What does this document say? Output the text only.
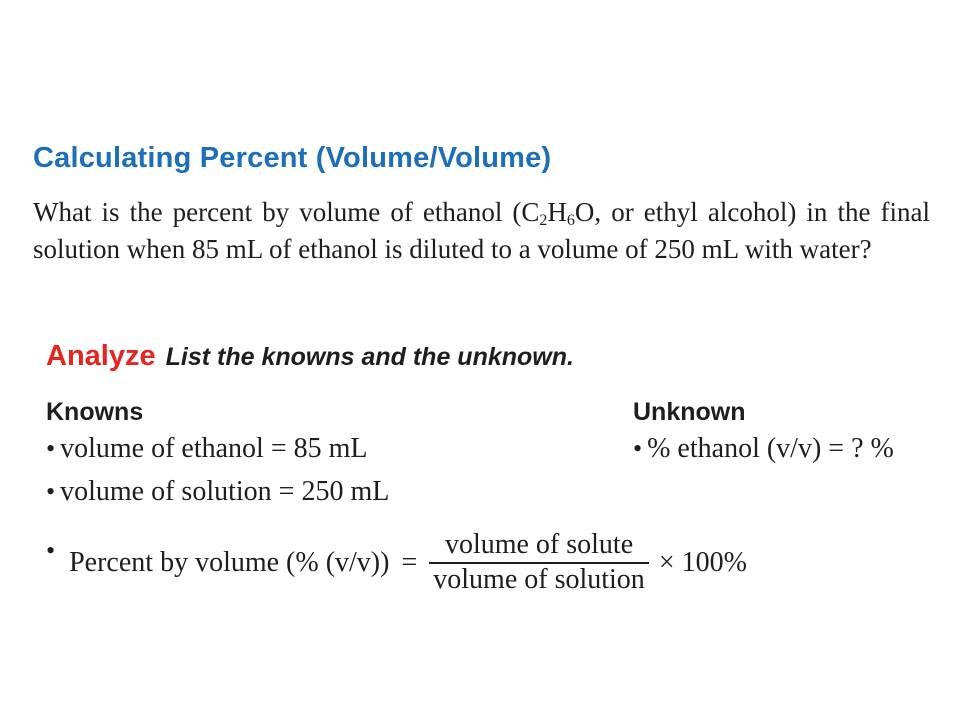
Calculating Percent (Volume/Volume)
What is the percent by volume of ethanol ($C_2H_6O$, or ethyl alcohol) in the final solution when 85 mL of ethanol is diluted to a volume of 250 mL with water?
Analyze List the knowns and the unknown.
Knowns
• volume of ethanol = 85 mL
• volume of solution = 250 mL
Unknown
• % ethanol (v/v) = ? %
• Percent by volume (% $(v/v)) = \frac{\text{volume of solute}}{\text{volume of solution}} \times 100\%$
